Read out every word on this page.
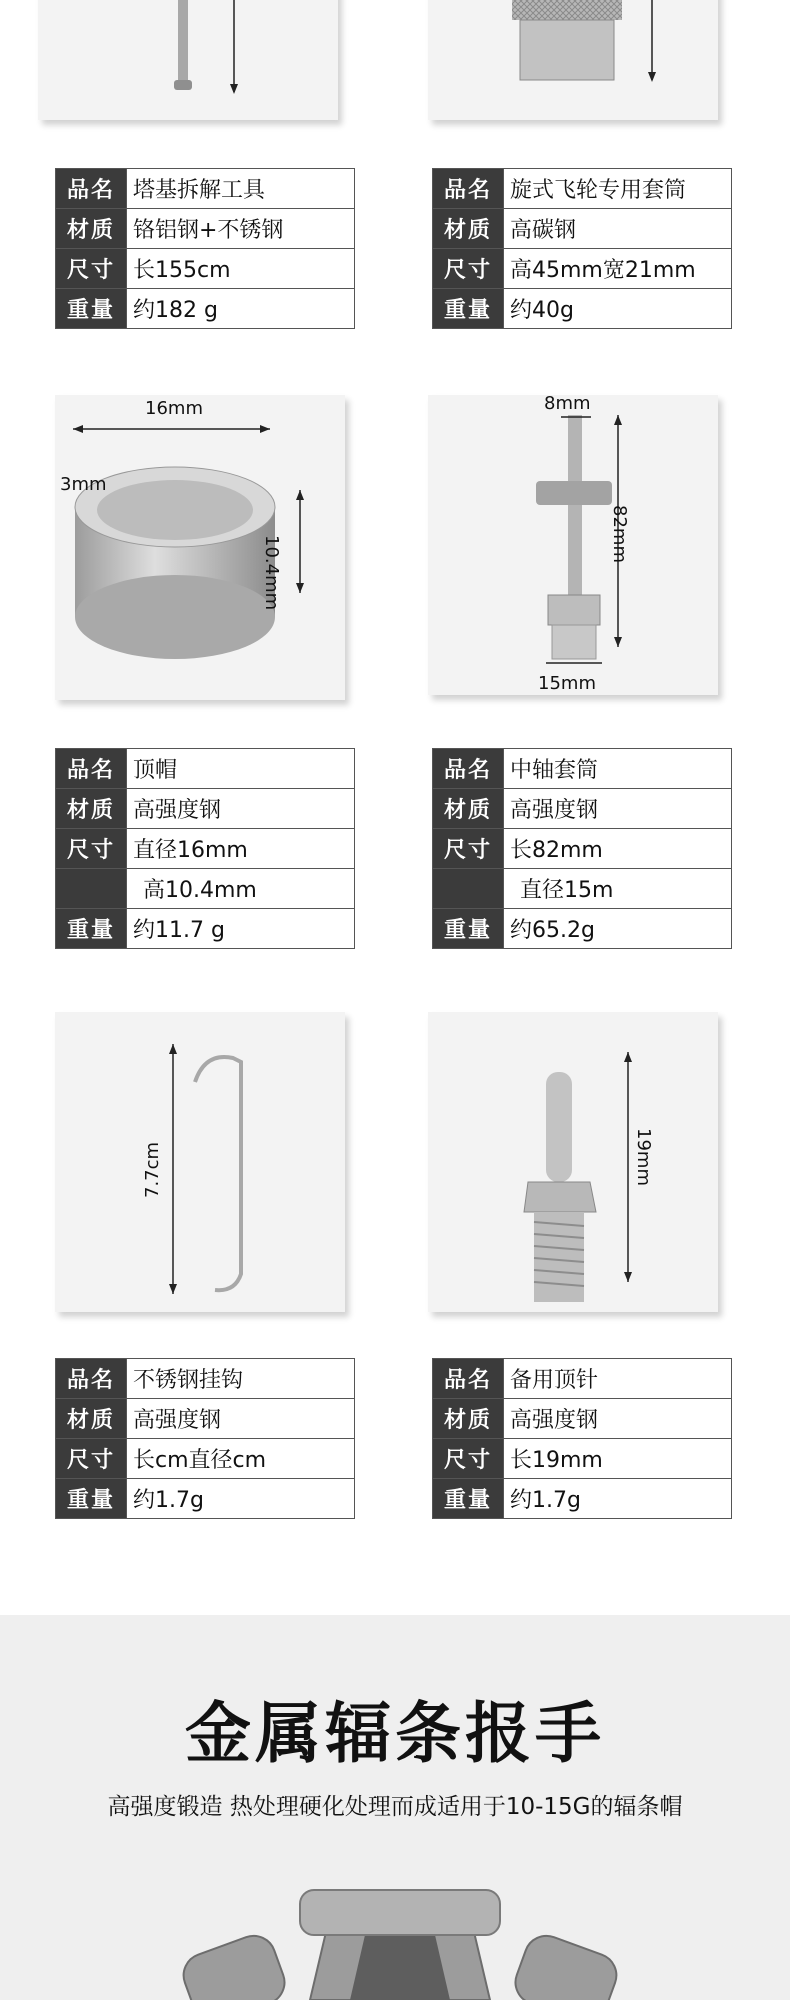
品名	塔基拆解工具
材质	铬铝钢+不锈钢
尺寸	长155cm
重量	约182 g
品名	旋式飞轮专用套筒
材质	高碳钢
尺寸	高45mm宽21mm
重量	约40g
16mm
3mm
10.4mm
8mm
82mm
15mm
品名	顶帽
材质	高强度钢
尺寸	直径16mm
	高10.4mm
重量	约11.7 g
品名	中轴套筒
材质	高强度钢
尺寸	长82mm
	直径15m
重量	约65.2g
7.7cm	19mm
品名	不锈钢挂钩
材质	高强度钢
尺寸	长cm直径cm
重量	约1.7g
品名	备用顶针
材质	高强度钢
尺寸	长19mm
重量	约1.7g
金属辐条报手
高强度锻造 热处理硬化处理而成适用于10-15G的辐条帽
